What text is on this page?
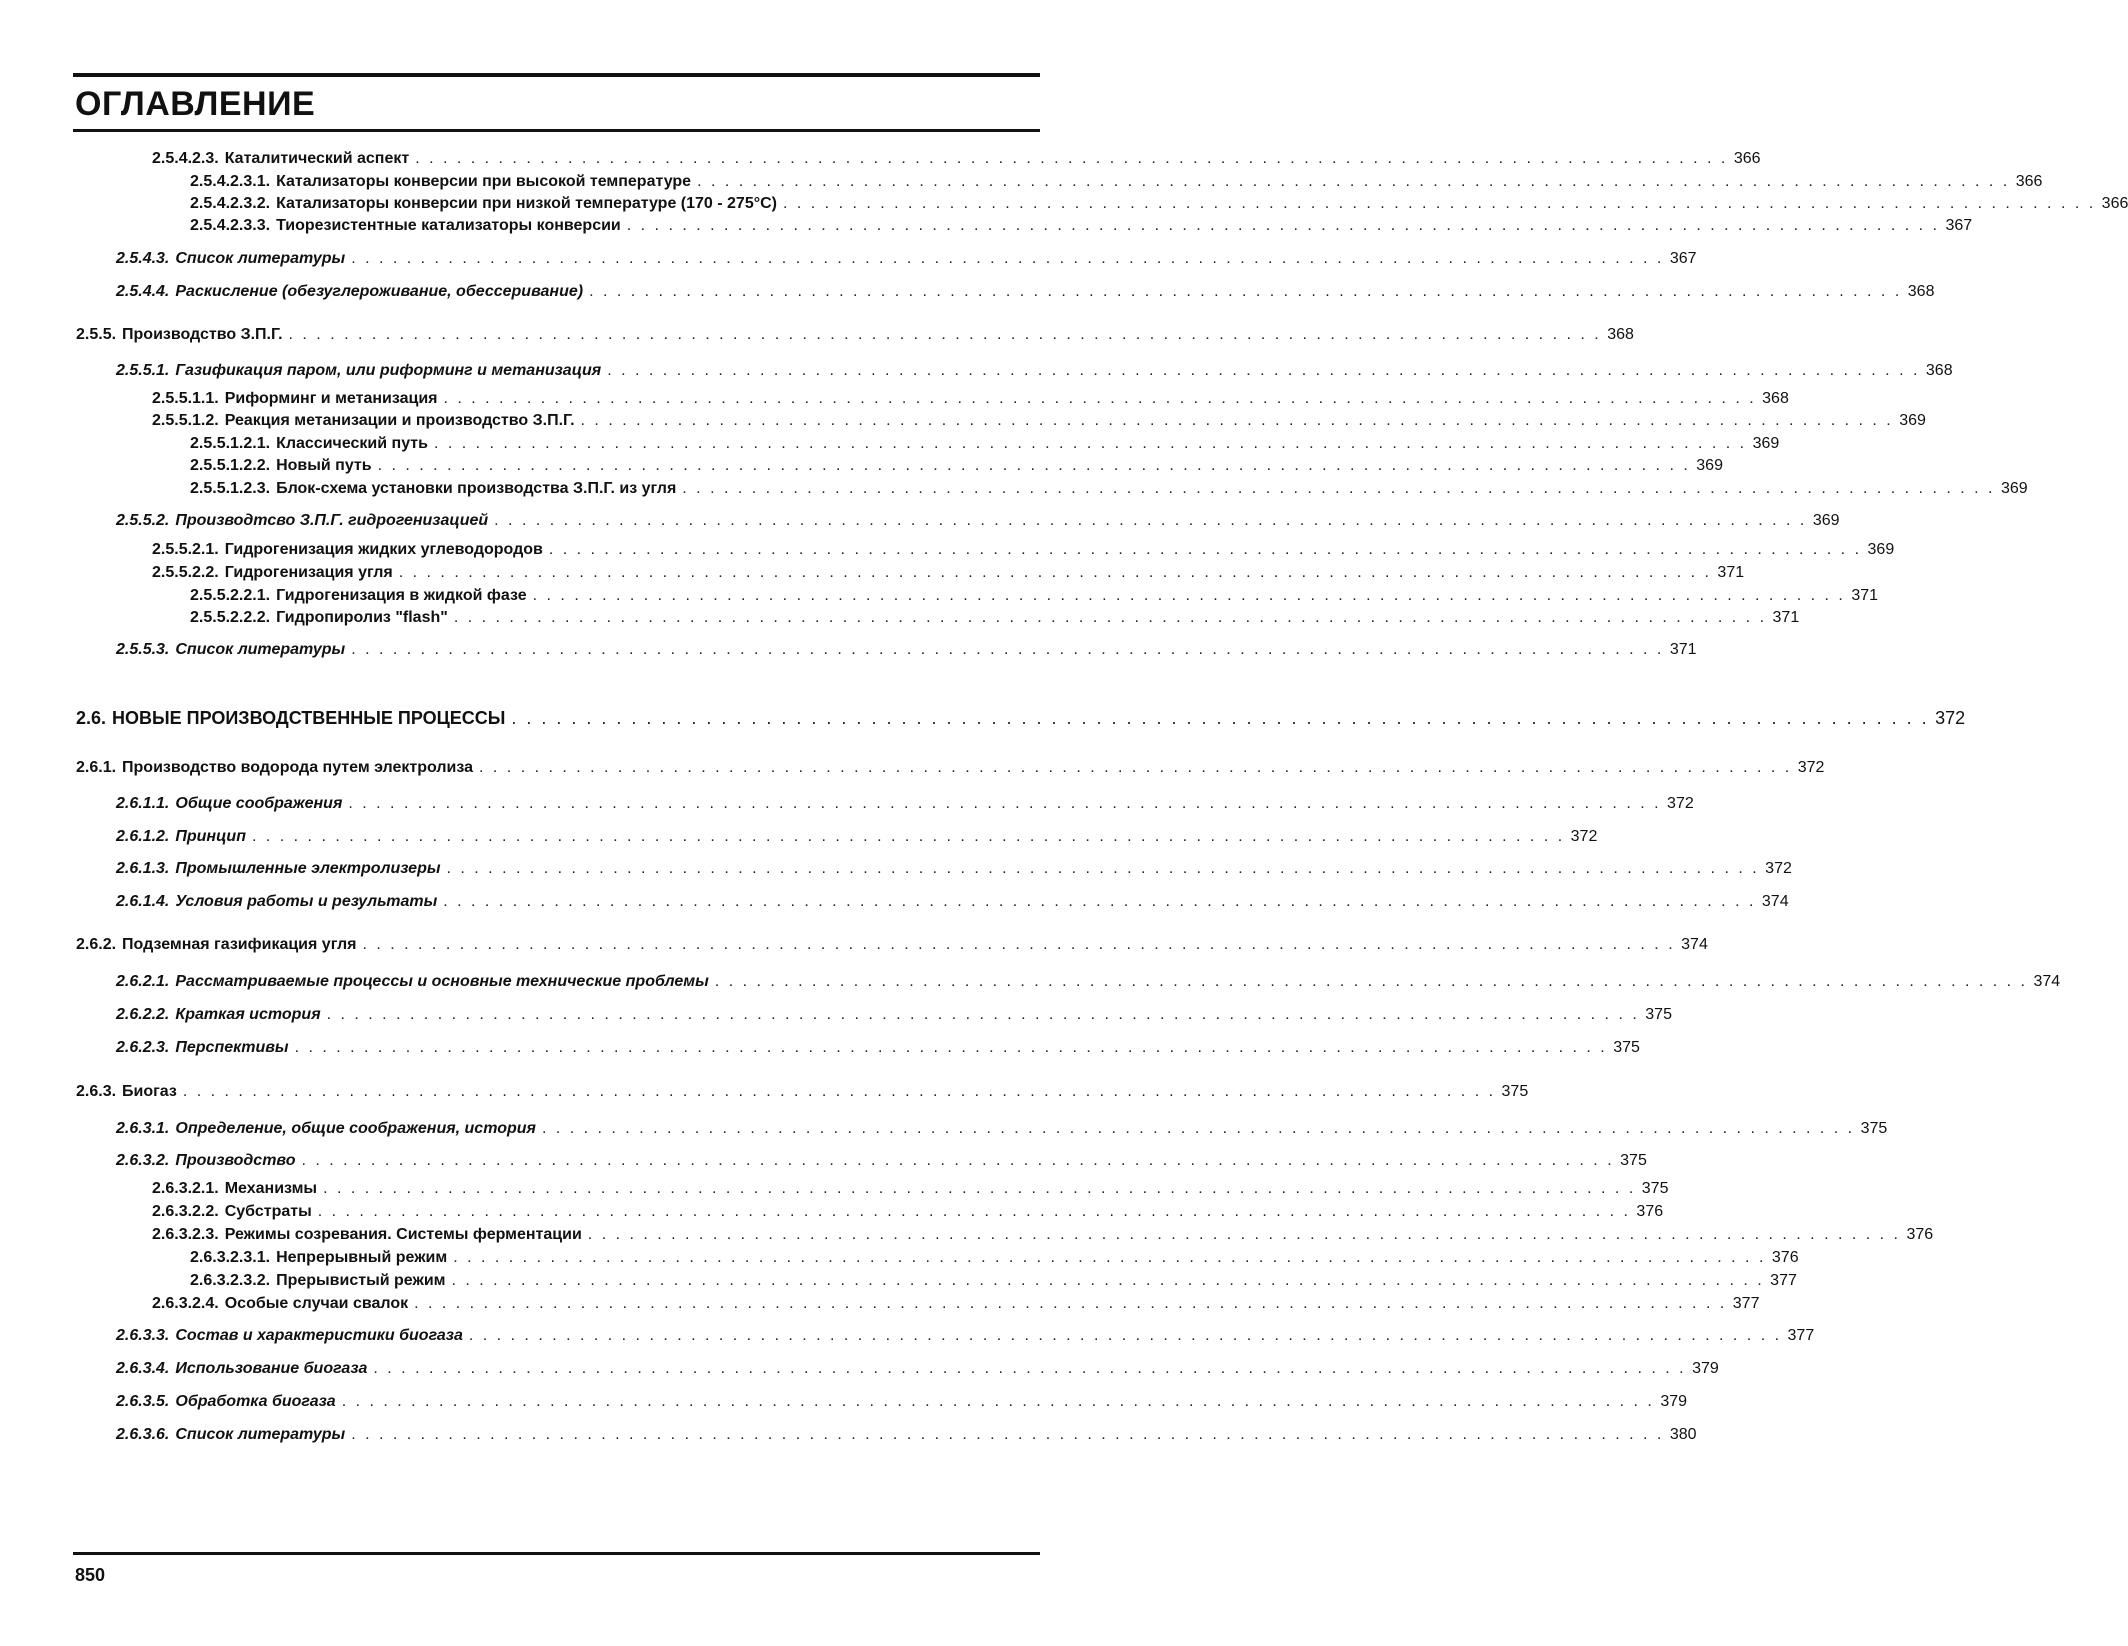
ОГЛАВЛЕНИЕ
2.5.4.2.3. Каталитический аспект . . . . . . . . . . . . . . . . . . . . . . . . . . . . . . . . . . . . . . . . . . . . . . . . . . . . . . . . . . . . . . . . . . . . . . . . . . . . . . . . . . . . . . . . . . . . . . . 366
2.5.4.2.3.1. Катализаторы конверсии при высокой температуре . . . . . . . . . . . . . . . . . . . . . . . . . . . . . . . . . . . . . . . . . . . . . . . . . . . . . . . . . . . . . . . . . . . . . . . . . . . . . . . . . . . . . . . . . . . . . . . 366
2.5.4.2.3.2. Катализаторы конверсии при низкой температуре (170 - 275°C) . . . . . . . . . . . . . . . . . . . . . . . . . . . . . . . . . . . . . . . . . . . . . . . . . . . . . . . . . . . . . . . . . . . . . . . . . . . . . . . . . . . . . . . . . . . . . . . 366
2.5.4.2.3.3. Тиорезистентные катализаторы конверсии . . . . . . . . . . . . . . . . . . . . . . . . . . . . . . . . . . . . . . . . . . . . . . . . . . . . . . . . . . . . . . . . . . . . . . . . . . . . . . . . . . . . . . . . . . . . . . . 367
2.5.4.3. Список литературы . . . . . . . . . . . . . . . . . . . . . . . . . . . . . . . . . . . . . . . . . . . . . . . . . . . . . . . . . . . . . . . . . . . . . . . . . . . . . . . . . . . . . . . . . . . . . . . 367
2.5.4.4. Раскисление (обезуглероживание, обессеривание) . . . . . . . . . . . . . . . . . . . . . . . . . . . . . . . . . . . . . . . . . . . . . . . . . . . . . . . . . . . . . . . . . . . . . . . . . . . . . . . . . . . . . . . . . . . . . . . 368
2.5.5. Производство З.П.Г. . . . . . . . . . . . . . . . . . . . . . . . . . . . . . . . . . . . . . . . . . . . . . . . . . . . . . . . . . . . . . . . . . . . . . . . . . . . . . . . . . . . . . . . . . . . . . . . 368
2.5.5.1. Газификация паром, или риформинг и метанизация . . . . . . . . . . . . . . . . . . . . . . . . . . . . . . . . . . . . . . . . . . . . . . . . . . . . . . . . . . . . . . . . . . . . . . . . . . . . . . . . . . . . . . . . . . . . . . . 368
2.5.5.1.1. Риформинг и метанизация . . . . . . . . . . . . . . . . . . . . . . . . . . . . . . . . . . . . . . . . . . . . . . . . . . . . . . . . . . . . . . . . . . . . . . . . . . . . . . . . . . . . . . . . . . . . . . . 368
2.5.5.1.2. Реакция метанизации и производство З.П.Г. . . . . . . . . . . . . . . . . . . . . . . . . . . . . . . . . . . . . . . . . . . . . . . . . . . . . . . . . . . . . . . . . . . . . . . . . . . . . . . . . . . . . . . . . . . . . . . . 369
2.5.5.1.2.1. Классический путь . . . . . . . . . . . . . . . . . . . . . . . . . . . . . . . . . . . . . . . . . . . . . . . . . . . . . . . . . . . . . . . . . . . . . . . . . . . . . . . . . . . . . . . . . . . . . . . 369
2.5.5.1.2.2. Новый путь . . . . . . . . . . . . . . . . . . . . . . . . . . . . . . . . . . . . . . . . . . . . . . . . . . . . . . . . . . . . . . . . . . . . . . . . . . . . . . . . . . . . . . . . . . . . . . . 369
2.5.5.1.2.3. Блок-схема установки производства З.П.Г. из угля . . . . . . . . . . . . . . . . . . . . . . . . . . . . . . . . . . . . . . . . . . . . . . . . . . . . . . . . . . . . . . . . . . . . . . . . . . . . . . . . . . . . . . . . . . . . . . . 369
2.5.5.2. Производтсво З.П.Г. гидрогенизацией . . . . . . . . . . . . . . . . . . . . . . . . . . . . . . . . . . . . . . . . . . . . . . . . . . . . . . . . . . . . . . . . . . . . . . . . . . . . . . . . . . . . . . . . . . . . . . . 369
2.5.5.2.1. Гидрогенизация жидких углеводородов . . . . . . . . . . . . . . . . . . . . . . . . . . . . . . . . . . . . . . . . . . . . . . . . . . . . . . . . . . . . . . . . . . . . . . . . . . . . . . . . . . . . . . . . . . . . . . . 369
2.5.5.2.2. Гидрогенизация угля . . . . . . . . . . . . . . . . . . . . . . . . . . . . . . . . . . . . . . . . . . . . . . . . . . . . . . . . . . . . . . . . . . . . . . . . . . . . . . . . . . . . . . . . . . . . . . . 371
2.5.5.2.2.1. Гидрогенизация в жидкой фазе . . . . . . . . . . . . . . . . . . . . . . . . . . . . . . . . . . . . . . . . . . . . . . . . . . . . . . . . . . . . . . . . . . . . . . . . . . . . . . . . . . . . . . . . . . . . . . . 371
2.5.5.2.2.2. Гидропиролиз "flash" . . . . . . . . . . . . . . . . . . . . . . . . . . . . . . . . . . . . . . . . . . . . . . . . . . . . . . . . . . . . . . . . . . . . . . . . . . . . . . . . . . . . . . . . . . . . . . . 371
2.5.5.3. Список литературы . . . . . . . . . . . . . . . . . . . . . . . . . . . . . . . . . . . . . . . . . . . . . . . . . . . . . . . . . . . . . . . . . . . . . . . . . . . . . . . . . . . . . . . . . . . . . . . 371
2.6. НОВЫЕ ПРОИЗВОДСТВЕННЫЕ ПРОЦЕССЫ . . . . . . . . . . . . . . . . . . . . . . . . . . . . . . . . . . . . . . . . . . . . . . . . . . . . . . . . . . . . . . . . . . . . . . . . . . . . . . . . . . . . . . . . . . . . . . . 372
2.6.1. Производство водорода путем электролиза . . . . . . . . . . . . . . . . . . . . . . . . . . . . . . . . . . . . . . . . . . . . . . . . . . . . . . . . . . . . . . . . . . . . . . . . . . . . . . . . . . . . . . . . . . . . . . . 372
2.6.1.1. Общие соображения . . . . . . . . . . . . . . . . . . . . . . . . . . . . . . . . . . . . . . . . . . . . . . . . . . . . . . . . . . . . . . . . . . . . . . . . . . . . . . . . . . . . . . . . . . . . . . . 372
2.6.1.2. Принцип . . . . . . . . . . . . . . . . . . . . . . . . . . . . . . . . . . . . . . . . . . . . . . . . . . . . . . . . . . . . . . . . . . . . . . . . . . . . . . . . . . . . . . . . . . . . . . . 372
2.6.1.3. Промышленные электролизеры . . . . . . . . . . . . . . . . . . . . . . . . . . . . . . . . . . . . . . . . . . . . . . . . . . . . . . . . . . . . . . . . . . . . . . . . . . . . . . . . . . . . . . . . . . . . . . . 372
2.6.1.4. Условия работы и результаты . . . . . . . . . . . . . . . . . . . . . . . . . . . . . . . . . . . . . . . . . . . . . . . . . . . . . . . . . . . . . . . . . . . . . . . . . . . . . . . . . . . . . . . . . . . . . . . 374
2.6.2. Подземная газификация угля . . . . . . . . . . . . . . . . . . . . . . . . . . . . . . . . . . . . . . . . . . . . . . . . . . . . . . . . . . . . . . . . . . . . . . . . . . . . . . . . . . . . . . . . . . . . . . . 374
2.6.2.1. Рассматриваемые процессы и основные технические проблемы . . . . . . . . . . . . . . . . . . . . . . . . . . . . . . . . . . . . . . . . . . . . . . . . . . . . . . . . . . . . . . . . . . . . . . . . . . . . . . . . . . . . . . . . . . . . . . . 374
2.6.2.2. Краткая история . . . . . . . . . . . . . . . . . . . . . . . . . . . . . . . . . . . . . . . . . . . . . . . . . . . . . . . . . . . . . . . . . . . . . . . . . . . . . . . . . . . . . . . . . . . . . . . 375
2.6.2.3. Перспективы . . . . . . . . . . . . . . . . . . . . . . . . . . . . . . . . . . . . . . . . . . . . . . . . . . . . . . . . . . . . . . . . . . . . . . . . . . . . . . . . . . . . . . . . . . . . . . . 375
2.6.3. Биогаз . . . . . . . . . . . . . . . . . . . . . . . . . . . . . . . . . . . . . . . . . . . . . . . . . . . . . . . . . . . . . . . . . . . . . . . . . . . . . . . . . . . . . . . . . . . . . . . 375
2.6.3.1. Определение, общие соображения, история . . . . . . . . . . . . . . . . . . . . . . . . . . . . . . . . . . . . . . . . . . . . . . . . . . . . . . . . . . . . . . . . . . . . . . . . . . . . . . . . . . . . . . . . . . . . . . . 375
2.6.3.2. Производство . . . . . . . . . . . . . . . . . . . . . . . . . . . . . . . . . . . . . . . . . . . . . . . . . . . . . . . . . . . . . . . . . . . . . . . . . . . . . . . . . . . . . . . . . . . . . . . 375
2.6.3.2.1. Механизмы . . . . . . . . . . . . . . . . . . . . . . . . . . . . . . . . . . . . . . . . . . . . . . . . . . . . . . . . . . . . . . . . . . . . . . . . . . . . . . . . . . . . . . . . . . . . . . . 375
2.6.3.2.2. Субстраты . . . . . . . . . . . . . . . . . . . . . . . . . . . . . . . . . . . . . . . . . . . . . . . . . . . . . . . . . . . . . . . . . . . . . . . . . . . . . . . . . . . . . . . . . . . . . . . 376
2.6.3.2.3. Режимы созревания. Системы ферментации . . . . . . . . . . . . . . . . . . . . . . . . . . . . . . . . . . . . . . . . . . . . . . . . . . . . . . . . . . . . . . . . . . . . . . . . . . . . . . . . . . . . . . . . . . . . . . . 376
2.6.3.2.3.1. Непрерывный режим . . . . . . . . . . . . . . . . . . . . . . . . . . . . . . . . . . . . . . . . . . . . . . . . . . . . . . . . . . . . . . . . . . . . . . . . . . . . . . . . . . . . . . . . . . . . . . . 376
2.6.3.2.3.2. Прерывистый режим . . . . . . . . . . . . . . . . . . . . . . . . . . . . . . . . . . . . . . . . . . . . . . . . . . . . . . . . . . . . . . . . . . . . . . . . . . . . . . . . . . . . . . . . . . . . . . . 377
2.6.3.2.4. Особые случаи свалок . . . . . . . . . . . . . . . . . . . . . . . . . . . . . . . . . . . . . . . . . . . . . . . . . . . . . . . . . . . . . . . . . . . . . . . . . . . . . . . . . . . . . . . . . . . . . . . 377
2.6.3.3. Состав и характеристики биогаза . . . . . . . . . . . . . . . . . . . . . . . . . . . . . . . . . . . . . . . . . . . . . . . . . . . . . . . . . . . . . . . . . . . . . . . . . . . . . . . . . . . . . . . . . . . . . . . 377
2.6.3.4. Использование биогаза . . . . . . . . . . . . . . . . . . . . . . . . . . . . . . . . . . . . . . . . . . . . . . . . . . . . . . . . . . . . . . . . . . . . . . . . . . . . . . . . . . . . . . . . . . . . . . . 379
2.6.3.5. Обработка биогаза . . . . . . . . . . . . . . . . . . . . . . . . . . . . . . . . . . . . . . . . . . . . . . . . . . . . . . . . . . . . . . . . . . . . . . . . . . . . . . . . . . . . . . . . . . . . . . . 379
2.6.3.6. Список литературы . . . . . . . . . . . . . . . . . . . . . . . . . . . . . . . . . . . . . . . . . . . . . . . . . . . . . . . . . . . . . . . . . . . . . . . . . . . . . . . . . . . . . . . . . . . . . . . 380
850
